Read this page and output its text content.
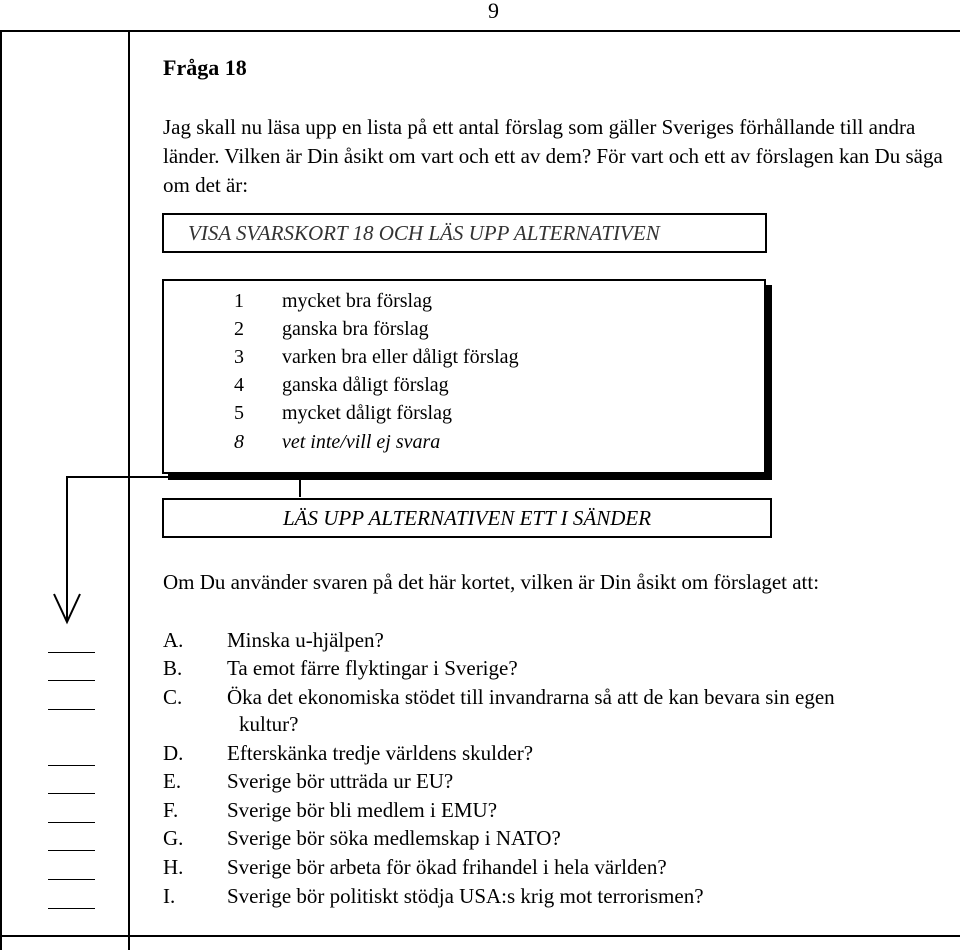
9
Fråga 18
Jag skall nu läsa upp en lista på ett antal förslag som gäller Sveriges förhållande till andra länder. Vilken är Din åsikt om vart och ett av dem? För vart och ett av förslagen kan Du säga om det är:
VISA SVARSKORT 18 OCH LÄS UPP ALTERNATIVEN
1 mycket bra förslag
2 ganska bra förslag
3 varken bra eller dåligt förslag
4 ganska dåligt förslag
5 mycket dåligt förslag
8 vet inte/vill ej svara
LÄS UPP ALTERNATIVEN ETT I SÄNDER
Om Du använder svaren på det här kortet, vilken är Din åsikt om förslaget att:
A. Minska u-hjälpen?
B. Ta emot färre flyktingar i Sverige?
C. Öka det ekonomiska stödet till invandrarna så att de kan bevara sin egen
kultur?
D. Efterskänka tredje världens skulder?
E. Sverige bör utträda ur EU?
F. Sverige bör bli medlem i EMU?
G. Sverige bör söka medlemskap i NATO?
H. Sverige bör arbeta för ökad frihandel i hela världen?
I. Sverige bör politiskt stödja USA:s krig mot terrorismen?
